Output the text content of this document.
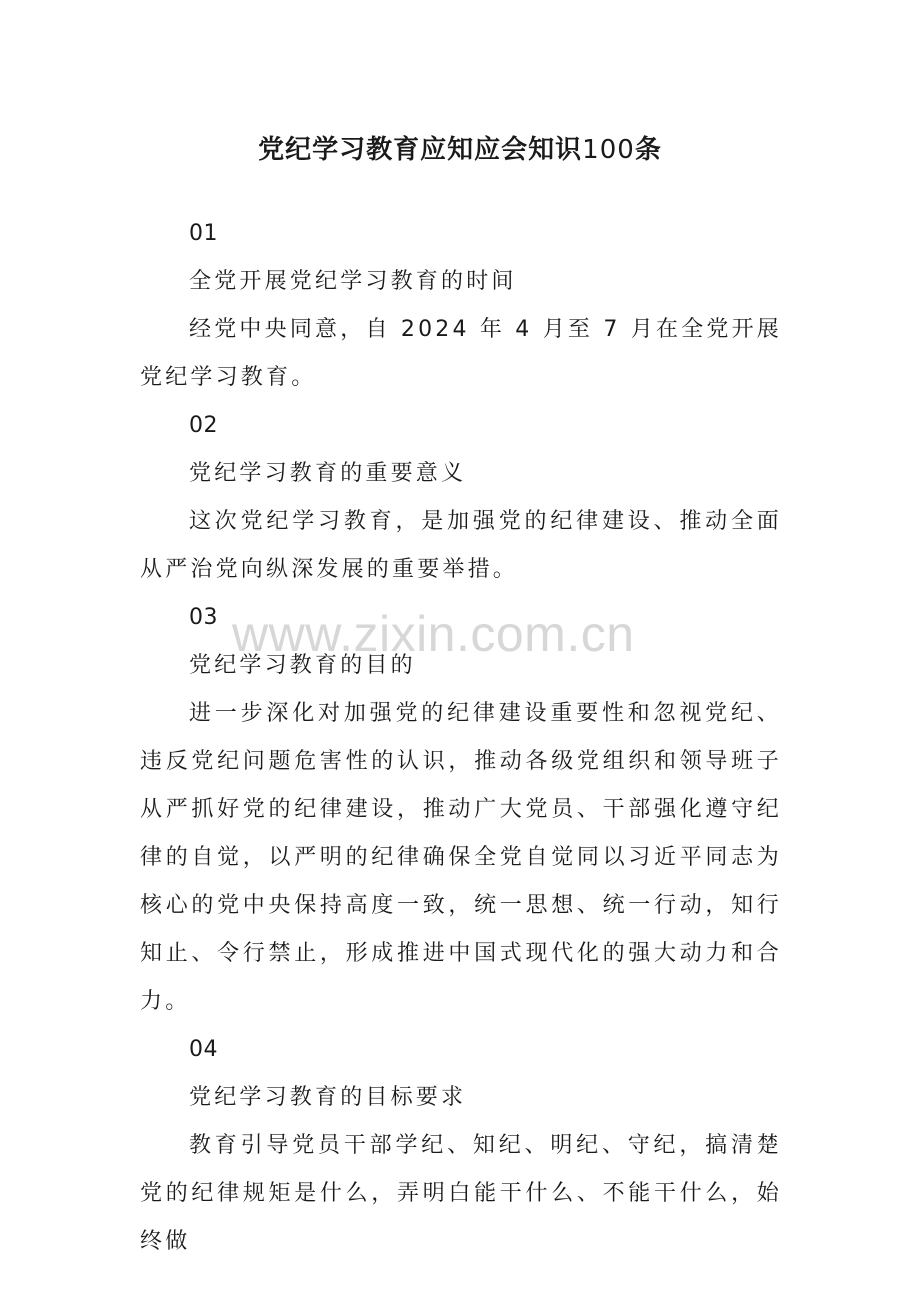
党纪学习教育应知应会知识100条

01

全党开展党纪学习教育的时间

经党中央同意，自 2024 年 4 月至 7 月在全党开展党纪学习教育。

02

党纪学习教育的重要意义

这次党纪学习教育，是加强党的纪律建设、推动全面从严治党向纵深发展的重要举措。

03

党纪学习教育的目的

进一步深化对加强党的纪律建设重要性和忽视党纪、违反党纪问题危害性的认识，推动各级党组织和领导班子从严抓好党的纪律建设，推动广大党员、干部强化遵守纪律的自觉，以严明的纪律确保全党自觉同以习近平同志为核心的党中央保持高度一致，统一思想、统一行动，知行知止、令行禁止，形成推进中国式现代化的强大动力和合力。

04

党纪学习教育的目标要求

教育引导党员干部学纪、知纪、明纪、守纪，搞清楚党的纪律规矩是什么，弄明白能干什么、不能干什么，始终做

www.zixin.com.cn
